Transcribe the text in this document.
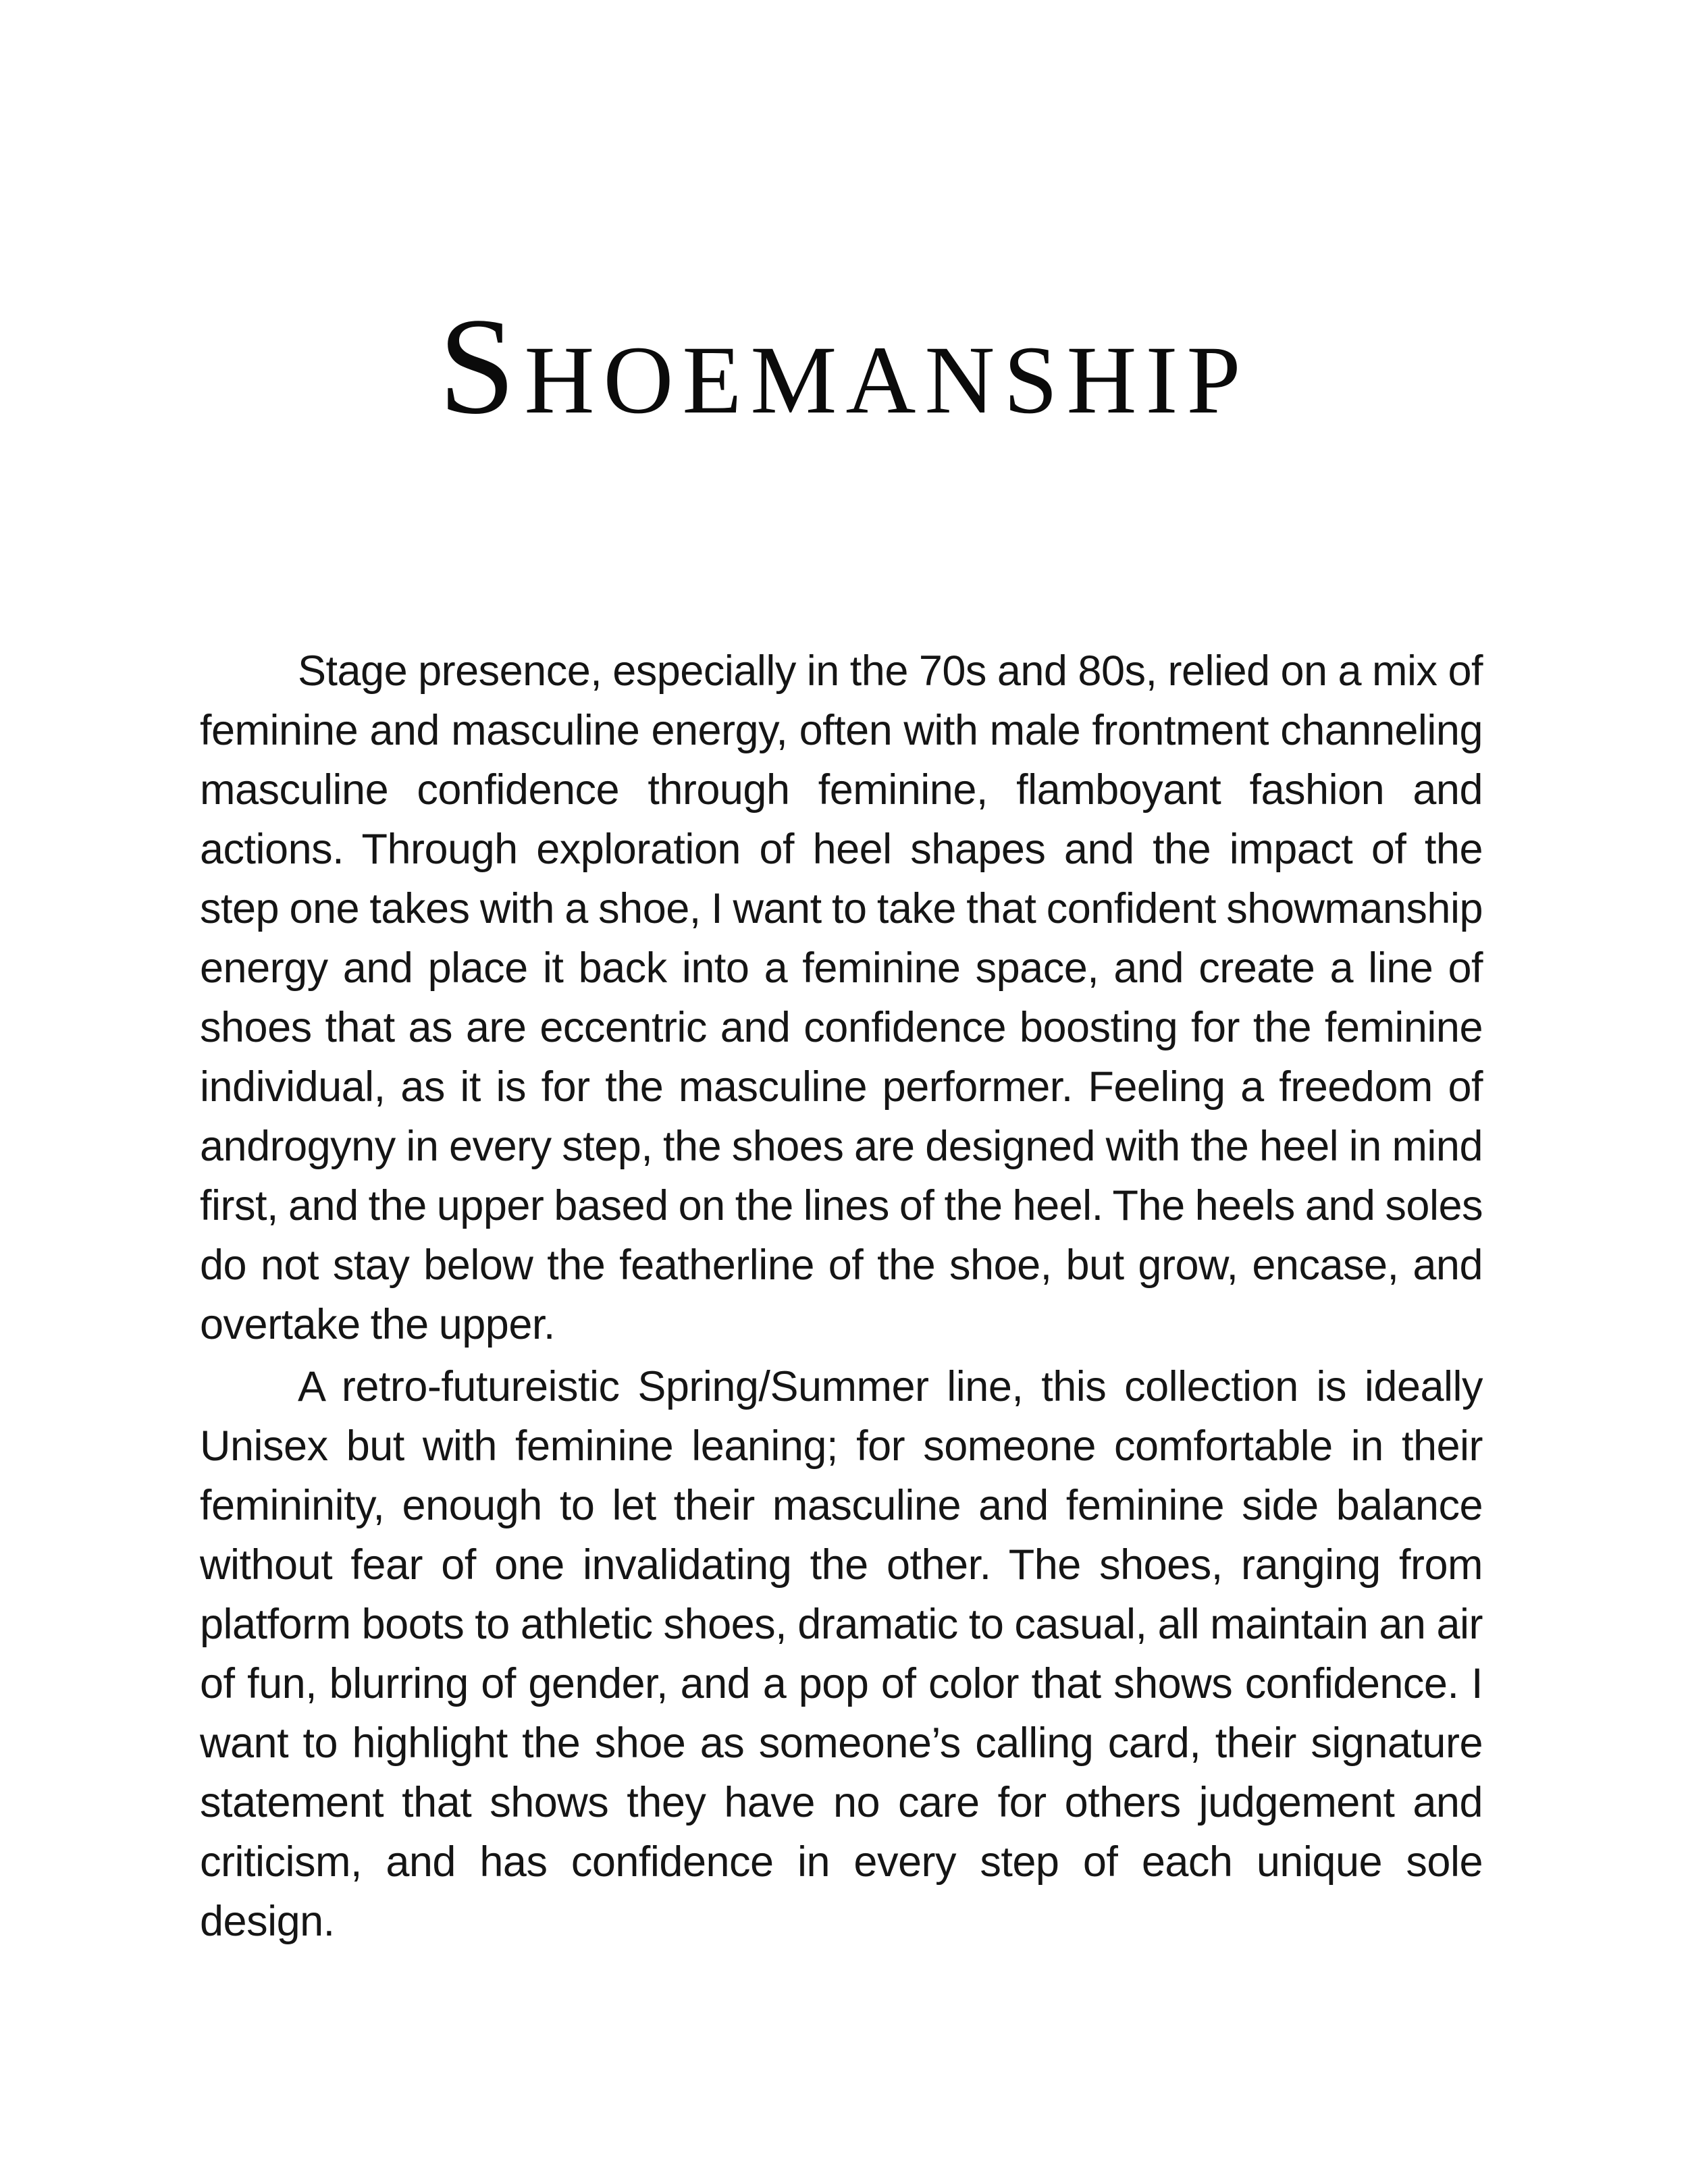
Shoemanship

Stage presence, especially in the 70s and 80s, relied on a mix of feminine and masculine energy, often with male frontment channeling masculine confidence through feminine, flamboyant fashion and actions. Through exploration of heel shapes and the impact of the step one takes with a shoe, I want to take that confident showmanship energy and place it back into a feminine space, and create a line of shoes that as are eccentric and confidence boosting for the feminine individual, as it is for the masculine performer. Feeling a freedom of androgyny in every step, the shoes are designed with the heel in mind first, and the upper based on the lines of the heel. The heels and soles do not stay below the featherline of the shoe, but grow, encase, and overtake the upper.

A retro-futureistic Spring/Summer line, this collection is ideally Unisex but with feminine leaning; for someone comfortable in their femininity, enough to let their masculine and feminine side balance without fear of one invalidating the other. The shoes, ranging from platform boots to athletic shoes, dramatic to casual, all maintain an air of fun, blurring of gender, and a pop of color that shows confidence. I want to highlight the shoe as someone’s calling card, their signature statement that shows they have no care for others judgement and criticism, and has confidence in every step of each unique sole design.
